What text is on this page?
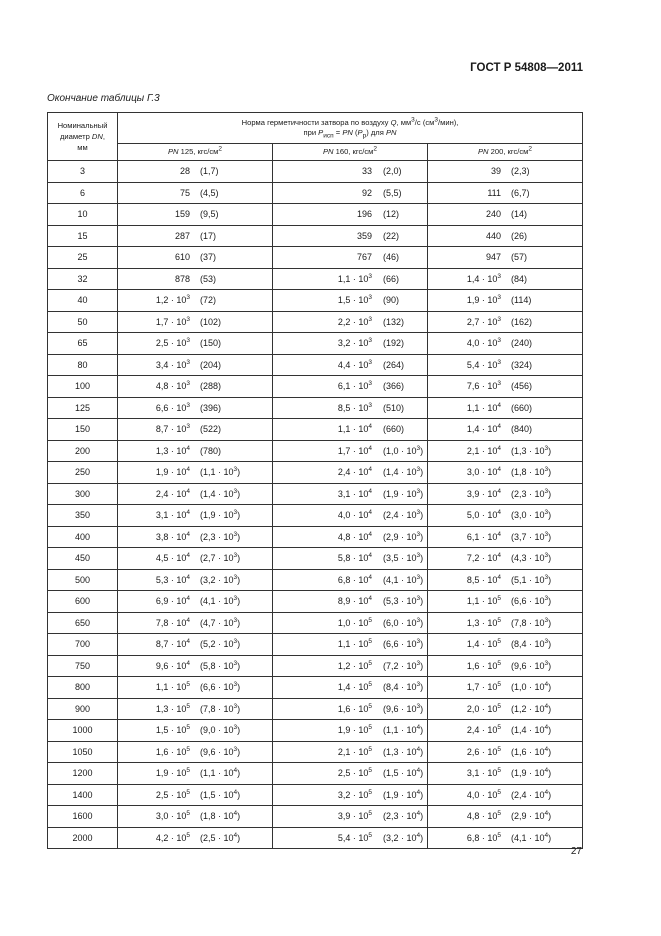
ГОСТ Р 54808—2011
Окончание таблицы Г.3
Номинальный
диаметр DN,
мм	Норма герметичности затвора по воздуху Q, $мм^3/с$ $(см^3/мин)$,
при $P_{исп}$ = PN $(P_p)$ для PN		
	PN 125, кгс/$см^2$	PN 160, кгс/$см^2$	PN 200, кгс/$см^2$
3	28 (1,7)	33 (2,0)	39 (2,3)

6	75 (4,5)	92 (5,5)	111 (6,7)

10	159 (9,5)	196 (12)	240 (14)

15	287 (17)	359 (22)	440 (26)

25	610 (37)	767 (46)	947 (57)

32	878 (53)	$1,1 \cdot 10^3$ (66)	$1,4 \cdot 10^3$ (84)

40	$1,2 \cdot 10^3$ (72)	$1,5 \cdot 10^3$ (90)	$1,9 \cdot 10^3$ (114)

50	$1,7 \cdot 10^3$ (102)	$2,2 \cdot 10^3$ (132)	$2,7 \cdot 10^3$ (162)

65	$2,5 \cdot 10^3$ (150)	$3,2 \cdot 10^3$ (192)	$4,0 \cdot 10^3$ (240)

80	$3,4 \cdot 10^3$ (204)	$4,4 \cdot 10^3$ (264)	$5,4 \cdot 10^3$ (324)

100	$4,8 \cdot 10^3$ (288)	$6,1 \cdot 10^3$ (366)	$7,6 \cdot 10^3$ (456)

125	$6,6 \cdot 10^3$ (396)	$8,5 \cdot 10^3$ (510)	$1,1 \cdot 10^4$ (660)

150	$8,7 \cdot 10^3$ (522)	$1,1 \cdot 10^4$ (660)	$1,4 \cdot 10^4$ (840)

200	$1,3 \cdot 10^4$ (780)	$1,7 \cdot 10^4$ $(1,0 \cdot 10^3)$	$2,1 \cdot 10^4$ $(1,3 \cdot 10^3)$

250	$1,9 \cdot 10^4$ $(1,1 \cdot 10^3)$	$2,4 \cdot 10^4$ $(1,4 \cdot 10^3)$	$3,0 \cdot 10^4$ $(1,8 \cdot 10^3)$

300	$2,4 \cdot 10^4$ $(1,4 \cdot 10^3)$	$3,1 \cdot 10^4$ $(1,9 \cdot 10^3)$	$3,9 \cdot 10^4$ $(2,3 \cdot 10^3)$

350	$3,1 \cdot 10^4$ $(1,9 \cdot 10^3)$	$4,0 \cdot 10^4$ $(2,4 \cdot 10^3)$	$5,0 \cdot 10^4$ $(3,0 \cdot 10^3)$

400	$3,8 \cdot 10^4$ $(2,3 \cdot 10^3)$	$4,8 \cdot 10^4$ $(2,9 \cdot 10^3)$	$6,1 \cdot 10^4$ $(3,7 \cdot 10^3)$

450	$4,5 \cdot 10^4$ $(2,7 \cdot 10^3)$	$5,8 \cdot 10^4$ $(3,5 \cdot 10^3)$	$7,2 \cdot 10^4$ $(4,3 \cdot 10^3)$

500	$5,3 \cdot 10^4$ $(3,2 \cdot 10^3)$	$6,8 \cdot 10^4$ $(4,1 \cdot 10^3)$	$8,5 \cdot 10^4$ $(5,1 \cdot 10^3)$

600	$6,9 \cdot 10^4$ $(4,1 \cdot 10^3)$	$8,9 \cdot 10^4$ $(5,3 \cdot 10^3)$	$1,1 \cdot 10^5$ $(6,6 \cdot 10^3)$

650	$7,8 \cdot 10^4$ $(4,7 \cdot 10^3)$	$1,0 \cdot 10^5$ $(6,0 \cdot 10^3)$	$1,3 \cdot 10^5$ $(7,8 \cdot 10^3)$

700	$8,7 \cdot 10^4$ $(5,2 \cdot 10^3)$	$1,1 \cdot 10^5$ $(6,6 \cdot 10^3)$	$1,4 \cdot 10^5$ $(8,4 \cdot 10^3)$

750	$9,6 \cdot 10^4$ $(5,8 \cdot 10^3)$	$1,2 \cdot 10^5$ $(7,2 \cdot 10^3)$	$1,6 \cdot 10^5$ $(9,6 \cdot 10^3)$

800	$1,1 \cdot 10^5$ $(6,6 \cdot 10^3)$	$1,4 \cdot 10^5$ $(8,4 \cdot 10^3)$	$1,7 \cdot 10^5$ $(1,0 \cdot 10^4)$

900	$1,3 \cdot 10^5$ $(7,8 \cdot 10^3)$	$1,6 \cdot 10^5$ $(9,6 \cdot 10^3)$	$2,0 \cdot 10^5$ $(1,2 \cdot 10^4)$

1000	$1,5 \cdot 10^5$ $(9,0 \cdot 10^3)$	$1,9 \cdot 10^5$ $(1,1 \cdot 10^4)$	$2,4 \cdot 10^5$ $(1,4 \cdot 10^4)$

1050	$1,6 \cdot 10^5$ $(9,6 \cdot 10^3)$	$2,1 \cdot 10^5$ $(1,3 \cdot 10^4)$	$2,6 \cdot 10^5$ $(1,6 \cdot 10^4)$

1200	$1,9 \cdot 10^5$ $(1,1 \cdot 10^4)$	$2,5 \cdot 10^5$ $(1,5 \cdot 10^4)$	$3,1 \cdot 10^5$ $(1,9 \cdot 10^4)$

1400	$2,5 \cdot 10^5$ $(1,5 \cdot 10^4)$	$3,2 \cdot 10^5$ $(1,9 \cdot 10^4)$	$4,0 \cdot 10^5$ $(2,4 \cdot 10^4)$

1600	$3,0 \cdot 10^5$ $(1,8 \cdot 10^4)$	$3,9 \cdot 10^5$ $(2,3 \cdot 10^4)$	$4,8 \cdot 10^5$ $(2,9 \cdot 10^4)$

2000	$4,2 \cdot 10^5$ $(2,5 \cdot 10^4)$	$5,4 \cdot 10^5$ $(3,2 \cdot 10^4)$	$6,8 \cdot 10^5$ $(4,1 \cdot 10^4)$
27
